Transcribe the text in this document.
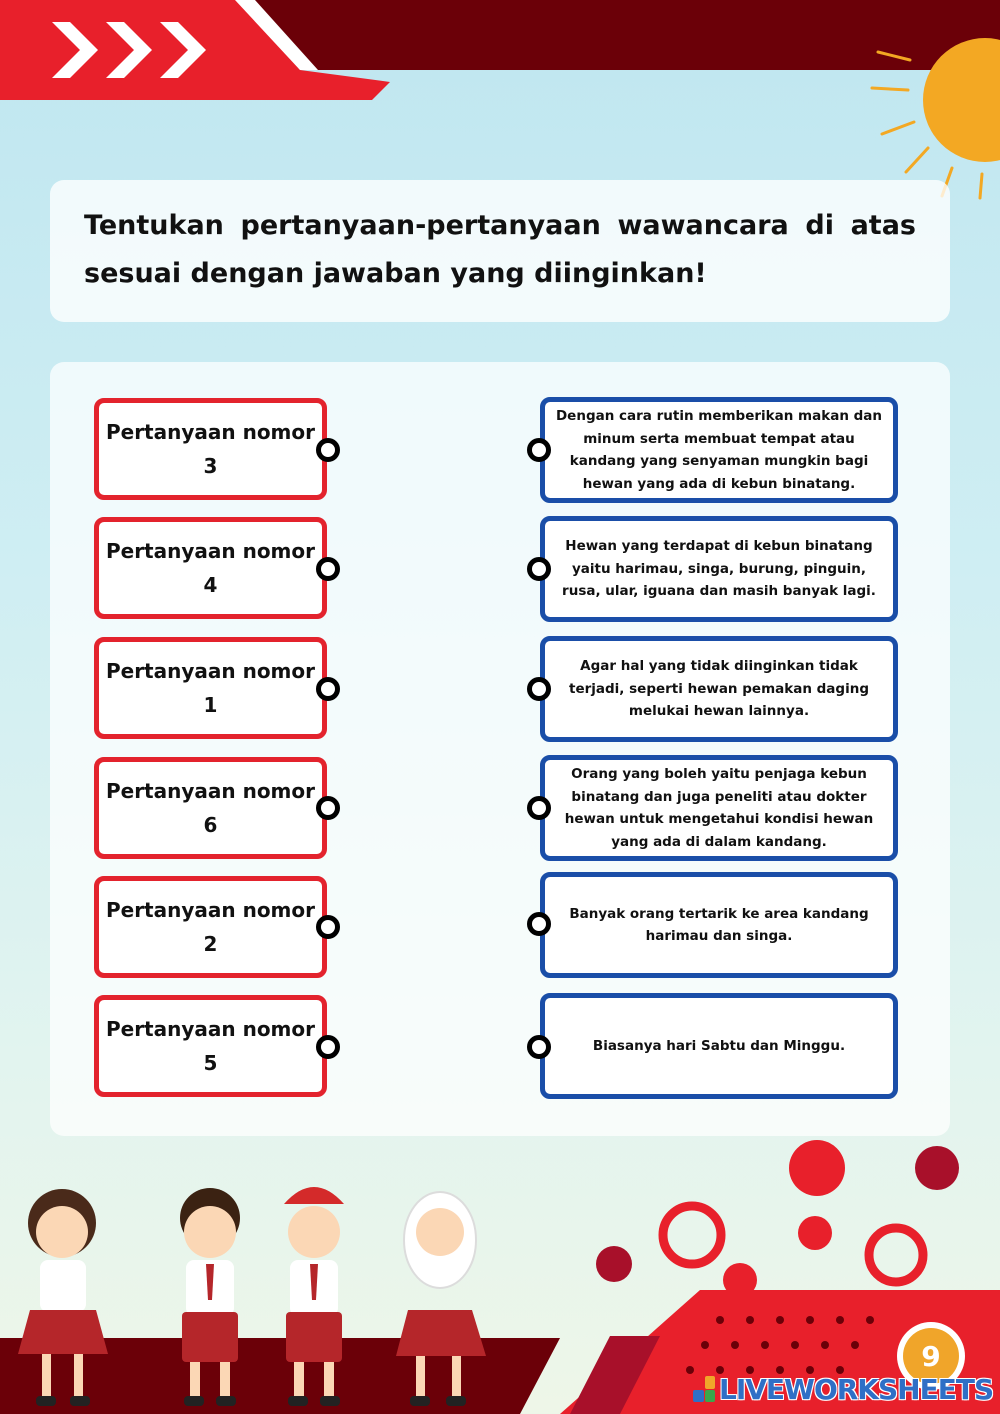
Tentukan pertanyaan-pertanyaan wawancara di atas sesuai dengan jawaban yang diinginkan!

Pertanyaan nomor
3
Pertanyaan nomor
4
Pertanyaan nomor
1
Pertanyaan nomor
6
Pertanyaan nomor
2
Pertanyaan nomor
5
Dengan cara rutin memberikan makan dan minum serta membuat tempat atau kandang yang senyaman mungkin bagi hewan yang ada di kebun binatang.
Hewan yang terdapat di kebun binatang yaitu harimau, singa, burung, pinguin, rusa, ular, iguana dan masih banyak lagi.
Agar hal yang tidak diinginkan tidak terjadi, seperti hewan pemakan daging melukai hewan lainnya.
Orang yang boleh yaitu penjaga kebun binatang dan juga peneliti atau dokter hewan untuk mengetahui kondisi hewan yang ada di dalam kandang.
Banyak orang tertarik ke area kandang harimau dan singa.
Biasanya hari Sabtu dan Minggu.
9
LIVEWORKSHEETS
